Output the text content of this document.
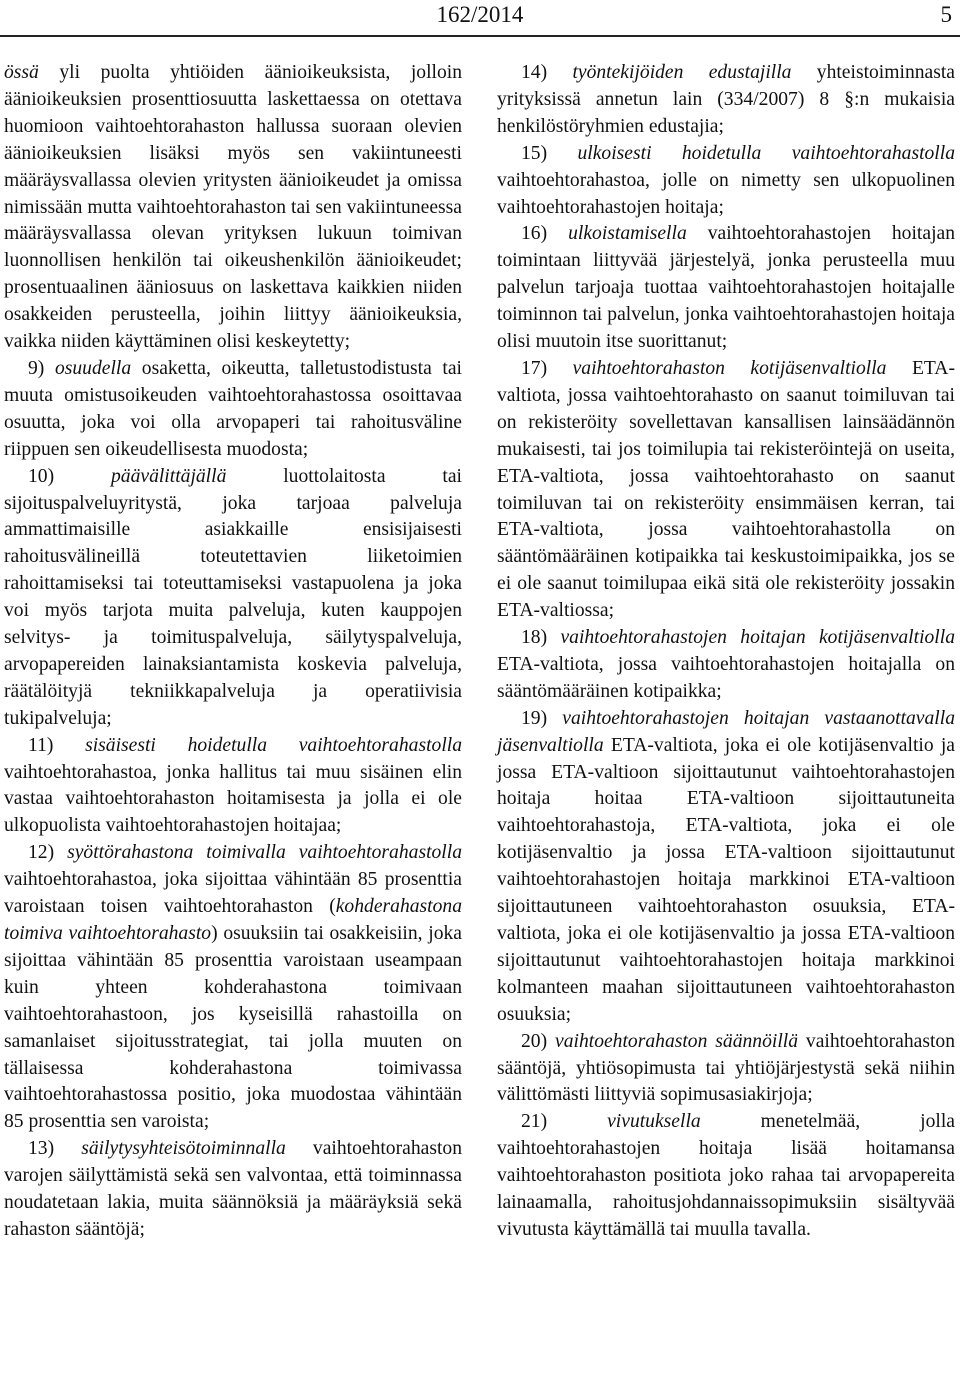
162/2014	5

össä yli puolta yhtiöiden äänioikeuksista, jolloin äänioikeuksien prosenttiosuutta laskettaessa on otettava huomioon vaihtoehtorahaston hallussa suoraan olevien äänioikeuksien lisäksi myös sen vakiintuneesti määräysvallassa olevien yritysten äänioikeudet ja omissa nimissään mutta vaihtoehtorahaston tai sen vakiintuneessa määräysvallassa olevan yrityksen lukuun toimivan luonnollisen henkilön tai oikeushenkilön äänioikeudet; prosentuaalinen ääniosuus on laskettava kaikkien niiden osakkeiden perusteella, joihin liittyy äänioikeuksia, vaikka niiden käyttäminen olisi keskeytetty;

9) osuudella osaketta, oikeutta, talletustodistusta tai muuta omistusoikeuden vaihtoehtorahastossa osoittavaa osuutta, joka voi olla arvopaperi tai rahoitusväline riippuen sen oikeudellisesta muodosta;

10)	päävälittäjällä luottolaitosta tai sijoituspalveluyritystä, joka tarjoaa palveluja ammattimaisille asiakkaille ensisijaisesti rahoitusvälineillä toteutettavien liiketoimien rahoittamiseksi tai toteuttamiseksi vastapuolena ja joka voi myös tarjota muita palveluja, kuten kauppojen selvitys- ja toimituspalveluja, säilytyspalveluja, arvopapereiden lainaksiantamista koskevia palveluja, räätälöityjä tekniikkapalveluja ja operatiivisia tukipalveluja;

11) sisäisesti hoidetulla vaihtoehtorahastolla vaihtoehtorahastoa, jonka hallitus tai muu sisäinen elin vastaa vaihtoehtorahaston hoitamisesta ja jolla ei ole ulkopuolista vaihtoehtorahastojen hoitajaa;

12) syöttörahastona toimivalla vaihtoehtorahastolla vaihtoehtorahastoa, joka sijoittaa vähintään 85 prosenttia varoistaan toisen vaihtoehtorahaston (kohderahastona toimiva vaihtoehtorahasto) osuuksiin tai osakkeisiin, joka sijoittaa vähintään 85 prosenttia varoistaan useampaan kuin yhteen kohderahastona toimivaan vaihtoehtorahastoon, jos kyseisillä rahastoilla on samanlaiset sijoitusstrategiat, tai jolla muuten on tällaisessa kohderahastona toimivassa vaihtoehtorahastossa positio, joka muodostaa vähintään 85 prosenttia sen varoista;

13) säilytysyhteisötoiminnalla vaihtoehtorahaston varojen säilyttämistä sekä sen valvontaa, että toiminnassa noudatetaan lakia, muita säännöksiä ja määräyksiä sekä rahaston sääntöjä;

14) työntekijöiden edustajilla yhteistoiminnasta yrityksissä annetun lain (334/2007) 8 §:n mukaisia henkilöstöryhmien edustajia;

15) ulkoisesti hoidetulla vaihtoehtorahastolla vaihtoehtorahastoa, jolle on nimetty sen ulkopuolinen vaihtoehtorahastojen hoitaja;

16) ulkoistamisella vaihtoehtorahastojen hoitajan toimintaan liittyvää järjestelyä, jonka perusteella muu palvelun tarjoaja tuottaa vaihtoehtorahastojen hoitajalle toiminnon tai palvelun, jonka vaihtoehtorahastojen hoitaja olisi muutoin itse suorittanut;

17) vaihtoehtorahaston kotijäsenvaltiolla ETA-valtiota, jossa vaihtoehtorahasto on saanut toimiluvan tai on rekisteröity sovellettavan kansallisen lainsäädännön mukaisesti, tai jos toimilupia tai rekisteröintejä on useita, ETA-valtiota, jossa vaihtoehtorahasto on saanut toimiluvan tai on rekisteröity ensimmäisen kerran, tai ETA-valtiota, jossa vaihtoehtorahastolla on sääntömääräinen kotipaikka tai keskustoimipaikka, jos se ei ole saanut toimilupaa eikä sitä ole rekisteröity jossakin ETA-valtiossa;

18) vaihtoehtorahastojen hoitajan kotijäsenvaltiolla ETA-valtiota, jossa vaihtoehtorahastojen hoitajalla on sääntömääräinen kotipaikka;

19) vaihtoehtorahastojen hoitajan vastaanottavalla jäsenvaltiolla ETA-valtiota, joka ei ole kotijäsenvaltio ja jossa ETA-valtioon sijoittautunut vaihtoehtorahastojen hoitaja hoitaa ETA-valtioon sijoittautuneita vaihtoehtorahastoja, ETA-valtiota, joka ei ole kotijäsenvaltio ja jossa ETA-valtioon sijoittautunut vaihtoehtorahastojen hoitaja markkinoi ETA-valtioon sijoittautuneen vaihtoehtorahaston osuuksia, ETA-valtiota, joka ei ole kotijäsenvaltio ja jossa ETA-valtioon sijoittautunut vaihtoehtorahastojen hoitaja markkinoi kolmanteen maahan sijoittautuneen vaihtoehtorahaston osuuksia;

20) vaihtoehtorahaston säännöillä vaihtoehtorahaston sääntöjä, yhtiösopimusta tai yhtiöjärjestystä sekä niihin välittömästi liittyviä sopimusasiakirjoja;

21)	vivutuksella menetelmää, jolla vaihtoehtorahastojen hoitaja lisää hoitamansa vaihtoehtorahaston positiota joko rahaa tai arvopapereita lainaamalla, rahoitusjohdannaissopimuksiin sisältyvää vivutusta käyttämällä tai muulla tavalla.
